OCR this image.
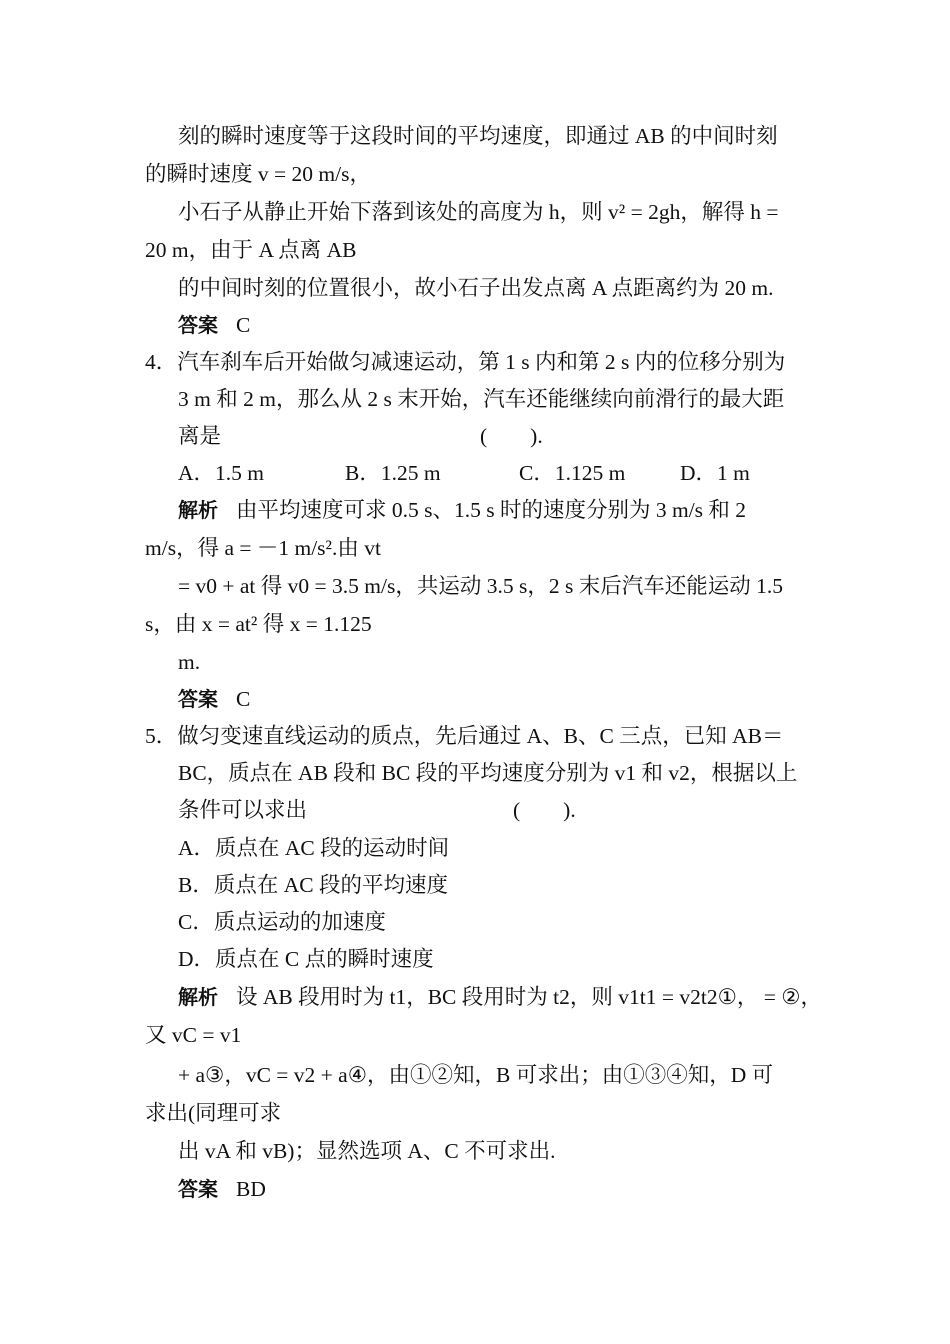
刻的瞬时速度等于这段时间的平均速度，即通过 AB 的中间时刻
的瞬时速度 v = 20 m/s，
小石子从静止开始下落到该处的高度为 h，则 v² = 2gh，解得 h =
20 m，由于 A 点离 AB
的中间时刻的位置很小，故小石子出发点离 A 点距离约为 20 m.
答案 C
4．汽车刹车后开始做匀减速运动，第 1 s 内和第 2 s 内的位移分别为
3 m 和 2 m，那么从 2 s 末开始，汽车还能继续向前滑行的最大距
离是	(　　).
A．1.5 m	B．1.25 m	C．1.125 m	D．1 m
解析 由平均速度可求 0.5 s、1.5 s 时的速度分别为 3 m/s 和 2
m/s，得 a = －1 m/s².由 vt
= v0 + at 得 v0 = 3.5 m/s，共运动 3.5 s，2 s 末后汽车还能运动 1.5
s，由 x = at² 得 x = 1.125
m.
答案 C
5．做匀变速直线运动的质点，先后通过 A、B、C 三点，已知 AB＝
BC，质点在 AB 段和 BC 段的平均速度分别为 v1 和 v2，根据以上
条件可以求出	(　　).
A．质点在 AC 段的运动时间
B．质点在 AC 段的平均速度
C．质点运动的加速度
D．质点在 C 点的瞬时速度
解析 设 AB 段用时为 t1，BC 段用时为 t2，则 v1t1 = v2t2①， = ②，
又 vC = v1
+ a③，vC = v2 + a④，由①②知，B 可求出；由①③④知，D 可
求出(同理可求
出 vA 和 vB)；显然选项 A、C 不可求出.
答案 BD
